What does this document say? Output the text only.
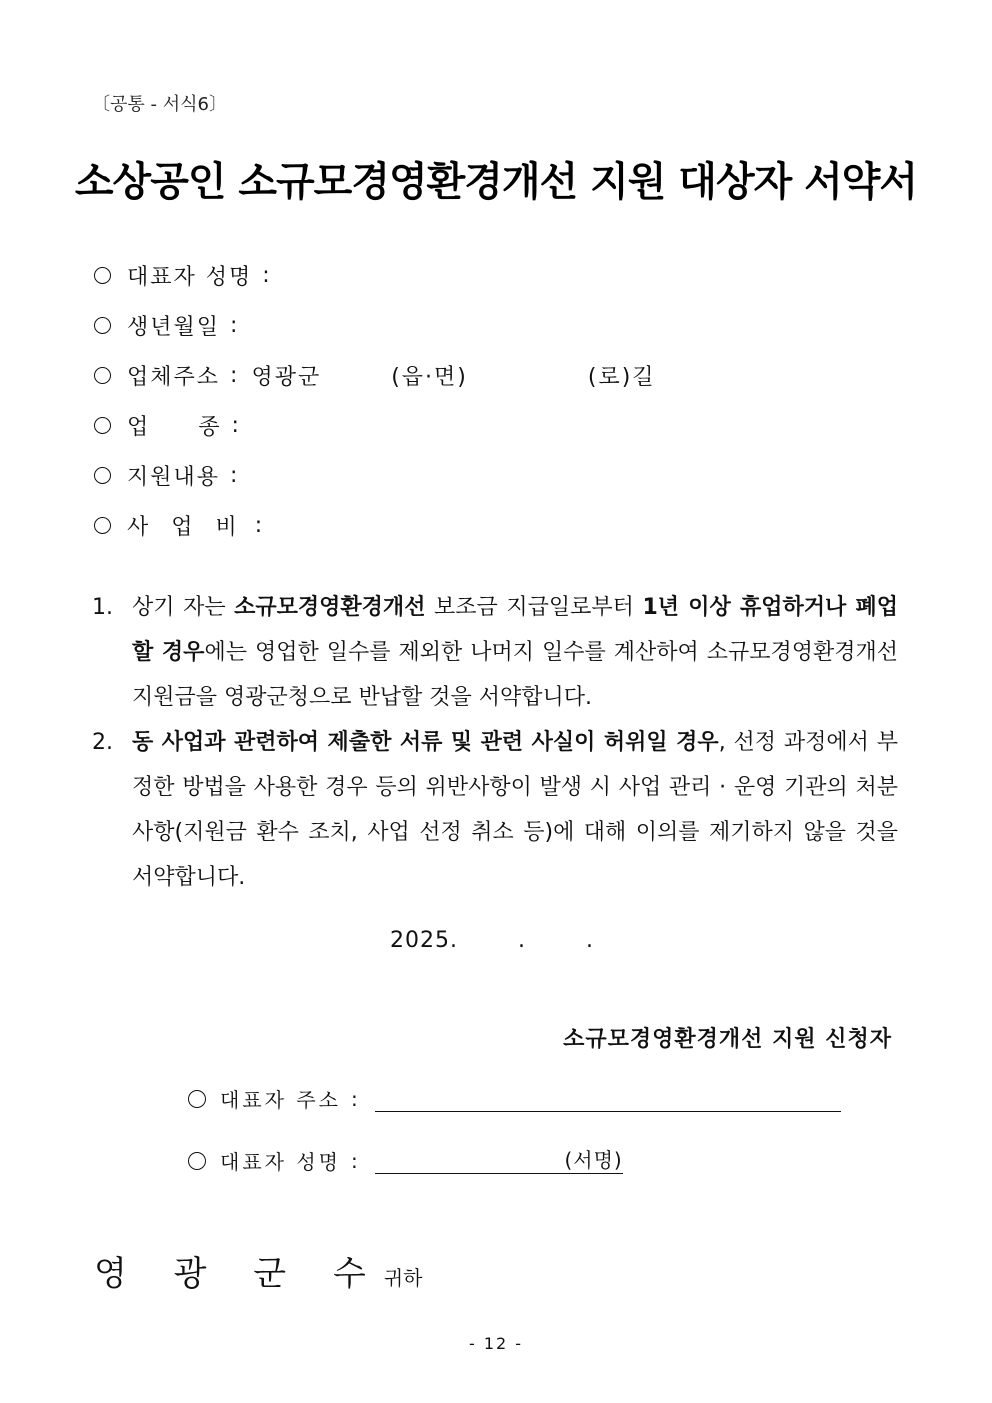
〔공통 - 서식6〕
소상공인 소규모경영환경개선 지원 대상자 서약서
대표자 성명 :
생년월일 :
업체주소 : 영광군	(읍·면)	(로)길
업 종 :
지원내용 :
사 업 비 :
1. 상기 자는 소규모경영환경개선 보조금 지급일로부터 1년 이상 휴업하거나 폐업 할 경우에는 영업한 일수를 제외한 나머지 일수를 계산하여 소규모경영환경개선 지원금을 영광군청으로 반납할 것을 서약합니다.
2. 동 사업과 관련하여 제출한 서류 및 관련 사실이 허위일 경우, 선정 과정에서 부정한 방법을 사용한 경우 등의 위반사항이 발생 시 사업 관리 · 운영 기관의 처분 사항(지원금 환수 조치, 사업 선정 취소 등)에 대해 이의를 제기하지 않을 것을 서약합니다.
2025.	.	.
소규모경영환경개선 지원 신청자
대표자 주소 :
대표자 성명 :	(서명)
영 광 군 수 귀하
- 12 -
